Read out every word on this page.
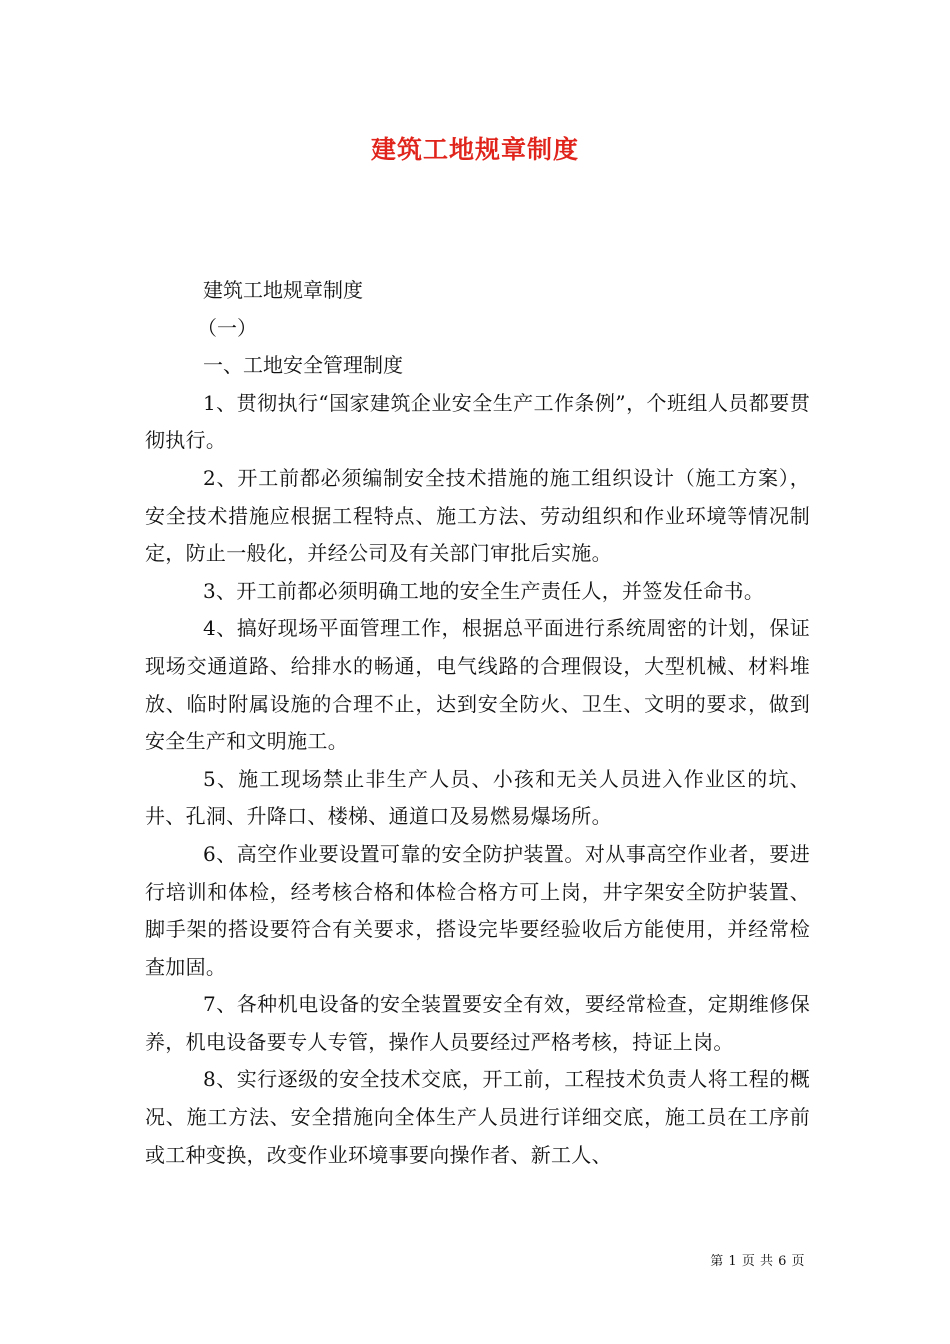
建筑工地规章制度

建筑工地规章制度

（一）

一、工地安全管理制度

1、贯彻执行“国家建筑企业安全生产工作条例”，个班组人员都要贯彻执行。

2、开工前都必须编制安全技术措施的施工组织设计（施工方案），安全技术措施应根据工程特点、施工方法、劳动组织和作业环境等情况制定，防止一般化，并经公司及有关部门审批后实施。

3、开工前都必须明确工地的安全生产责任人，并签发任命书。

4、搞好现场平面管理工作，根据总平面进行系统周密的计划，保证现场交通道路、给排水的畅通，电气线路的合理假设，大型机械、材料堆放、临时附属设施的合理不止，达到安全防火、卫生、文明的要求，做到安全生产和文明施工。

5、施工现场禁止非生产人员、小孩和无关人员进入作业区的坑、井、孔洞、升降口、楼梯、通道口及易燃易爆场所。

6、高空作业要设置可靠的安全防护装置。对从事高空作业者，要进行培训和体检，经考核合格和体检合格方可上岗，井字架安全防护装置、脚手架的搭设要符合有关要求，搭设完毕要经验收后方能使用，并经常检查加固。

7、各种机电设备的安全装置要安全有效，要经常检查，定期维修保养，机电设备要专人专管，操作人员要经过严格考核，持证上岗。

8、实行逐级的安全技术交底，开工前，工程技术负责人将工程的概况、施工方法、安全措施向全体生产人员进行详细交底，施工员在工序前或工种变换，改变作业环境事要向操作者、新工人、

第 1 页 共 6 页
